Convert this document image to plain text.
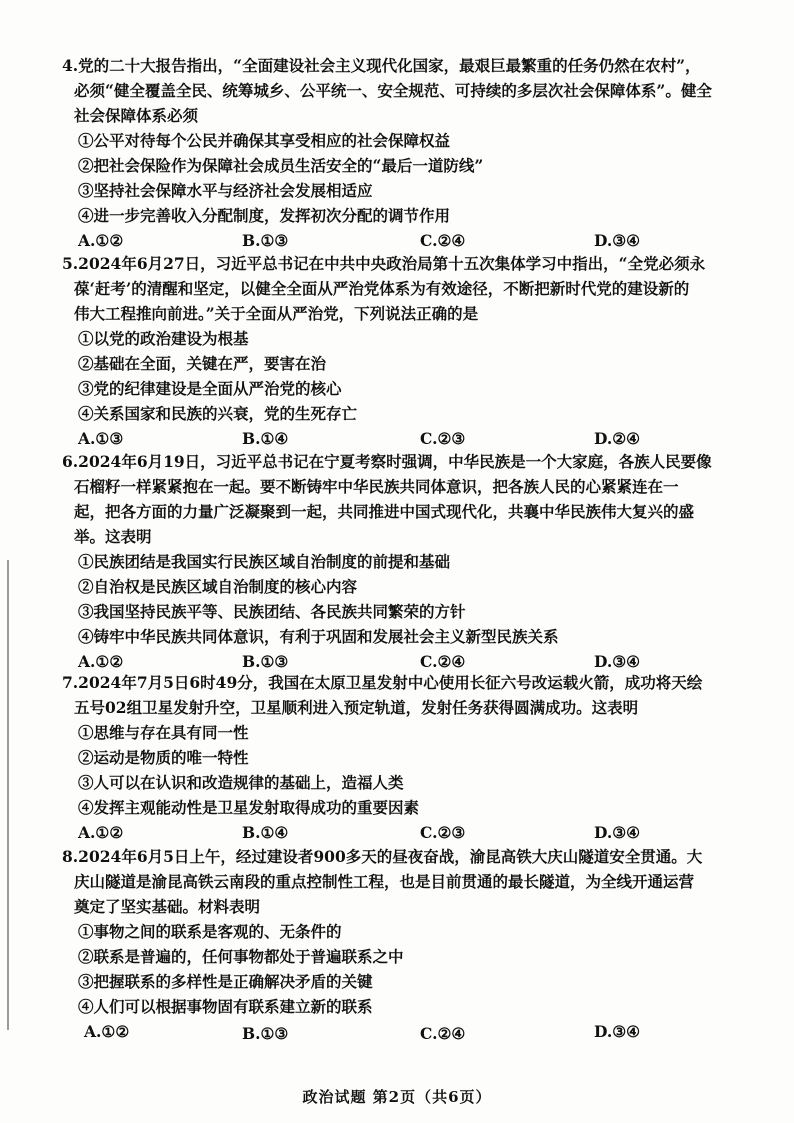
4.党的二十大报告指出，“全面建设社会主义现代化国家，最艰巨最繁重的任务仍然在农村”，
必须“健全覆盖全民、统筹城乡、公平统一、安全规范、可持续的多层次社会保障体系”。健全
社会保障体系必须
①公平对待每个公民并确保其享受相应的社会保障权益
②把社会保险作为保障社会成员生活安全的“最后一道防线”
③坚持社会保障水平与经济社会发展相适应
④进一步完善收入分配制度，发挥初次分配的调节作用
A.①②	B.①③	C.②④	D.③④
5.2024年6月27日，习近平总书记在中共中央政治局第十五次集体学习中指出，“全党必须永
葆‘赶考’的清醒和坚定，以健全全面从严治党体系为有效途径，不断把新时代党的建设新的
伟大工程推向前进。”关于全面从严治党，下列说法正确的是
①以党的政治建设为根基
②基础在全面，关键在严，要害在治
③党的纪律建设是全面从严治党的核心
④关系国家和民族的兴衰，党的生死存亡
A.①③	B.①④	C.②③	D.②④
6.2024年6月19日，习近平总书记在宁夏考察时强调，中华民族是一个大家庭，各族人民要像
石榴籽一样紧紧抱在一起。要不断铸牢中华民族共同体意识，把各族人民的心紧紧连在一
起，把各方面的力量广泛凝聚到一起，共同推进中国式现代化，共襄中华民族伟大复兴的盛
举。这表明
①民族团结是我国实行民族区域自治制度的前提和基础
②自治权是民族区域自治制度的核心内容
③我国坚持民族平等、民族团结、各民族共同繁荣的方针
④铸牢中华民族共同体意识，有利于巩固和发展社会主义新型民族关系
A.①②	B.①③	C.②④	D.③④
7.2024年7月5日6时49分，我国在太原卫星发射中心使用长征六号改运载火箭，成功将天绘
五号02组卫星发射升空，卫星顺利进入预定轨道，发射任务获得圆满成功。这表明
①思维与存在具有同一性
②运动是物质的唯一特性
③人可以在认识和改造规律的基础上，造福人类
④发挥主观能动性是卫星发射取得成功的重要因素
A.①②	B.①④	C.②③	D.③④
8.2024年6月5日上午，经过建设者900多天的昼夜奋战，渝昆高铁大庆山隧道安全贯通。大
庆山隧道是渝昆高铁云南段的重点控制性工程，也是目前贯通的最长隧道，为全线开通运营
奠定了坚实基础。材料表明
①事物之间的联系是客观的、无条件的
②联系是普遍的，任何事物都处于普遍联系之中
③把握联系的多样性是正确解决矛盾的关键
④人们可以根据事物固有联系建立新的联系
A.①②	B.①③	C.②④	D.③④
政治试题 第2页（共6页）
